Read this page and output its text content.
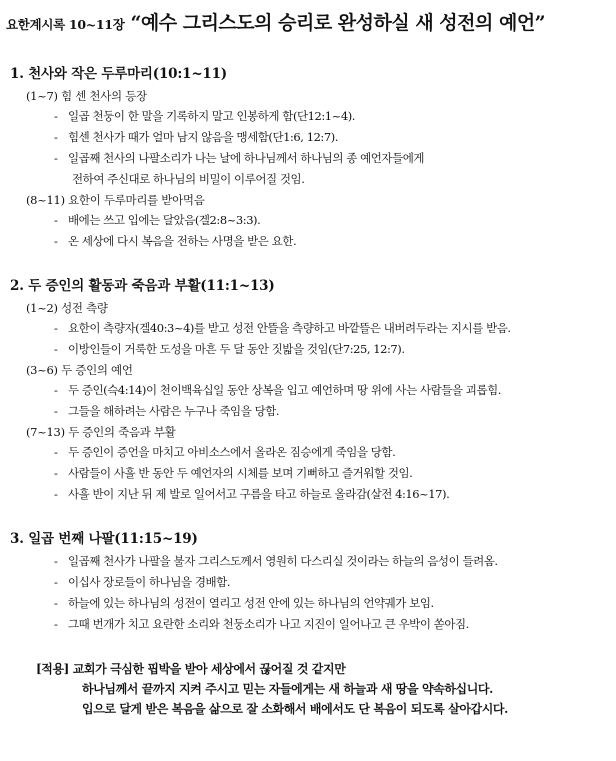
요한계시록 10~11장 “예수 그리스도의 승리로 완성하실 새 성전의 예언”
1. 천사와 작은 두루마리(10:1~11)
(1~7) 힘 센 천사의 등장
- 일곱 천둥이 한 말을 기록하지 말고 인봉하게 함(단12:1~4).
- 힘센 천사가 때가 얼마 남지 않음을 맹세함(단1:6, 12:7).
- 일곱째 천사의 나팔소리가 나는 날에 하나님께서 하나님의 종 예언자들에게
전하여 주신대로 하나님의 비밀이 이루어질 것임.
(8~11) 요한이 두루마리를 받아먹음
- 배에는 쓰고 입에는 달았음(겔2:8~3:3).
- 온 세상에 다시 복음을 전하는 사명을 받은 요한.
2. 두 증인의 활동과 죽음과 부활(11:1~13)
(1~2) 성전 측량
- 요한이 측량자(겔40:3~4)를 받고 성전 안뜰을 측량하고 바깥뜰은 내버려두라는 지시를 받음.
- 이방인들이 거룩한 도성을 마흔 두 달 동안 짓밟을 것임(단7:25, 12:7).
(3~6) 두 증인의 예언
- 두 증인(슥4:14)이 천이백육십일 동안 상복을 입고 예언하며 땅 위에 사는 사람들을 괴롭힘.
- 그들을 해하려는 사람은 누구나 죽임을 당함.
(7~13) 두 증인의 죽음과 부활
- 두 증인이 증언을 마치고 아비소스에서 올라온 짐승에게 죽임을 당함.
- 사람들이 사흘 반 동안 두 예언자의 시체를 보며 기뻐하고 즐거워할 것임.
- 사흘 반이 지난 뒤 제 발로 일어서고 구름을 타고 하늘로 올라감(살전 4:16~17).
3. 일곱 번째 나팔(11:15~19)
- 일곱째 천사가 나팔을 불자 그리스도께서 영원히 다스리실 것이라는 하늘의 음성이 들려옴.
- 이십사 장로들이 하나님을 경배함.
- 하늘에 있는 하나님의 성전이 열리고 성전 안에 있는 하나님의 언약궤가 보임.
- 그때 번개가 치고 요란한 소리와 천둥소리가 나고 지진이 일어나고 큰 우박이 쏟아짐.
[적용] 교회가 극심한 핍박을 받아 세상에서 끊어질 것 같지만
하나님께서 끝까지 지켜 주시고 믿는 자들에게는 새 하늘과 새 땅을 약속하십니다.
입으로 달게 받은 복음을 삶으로 잘 소화해서 배에서도 단 복음이 되도록 살아갑시다.
